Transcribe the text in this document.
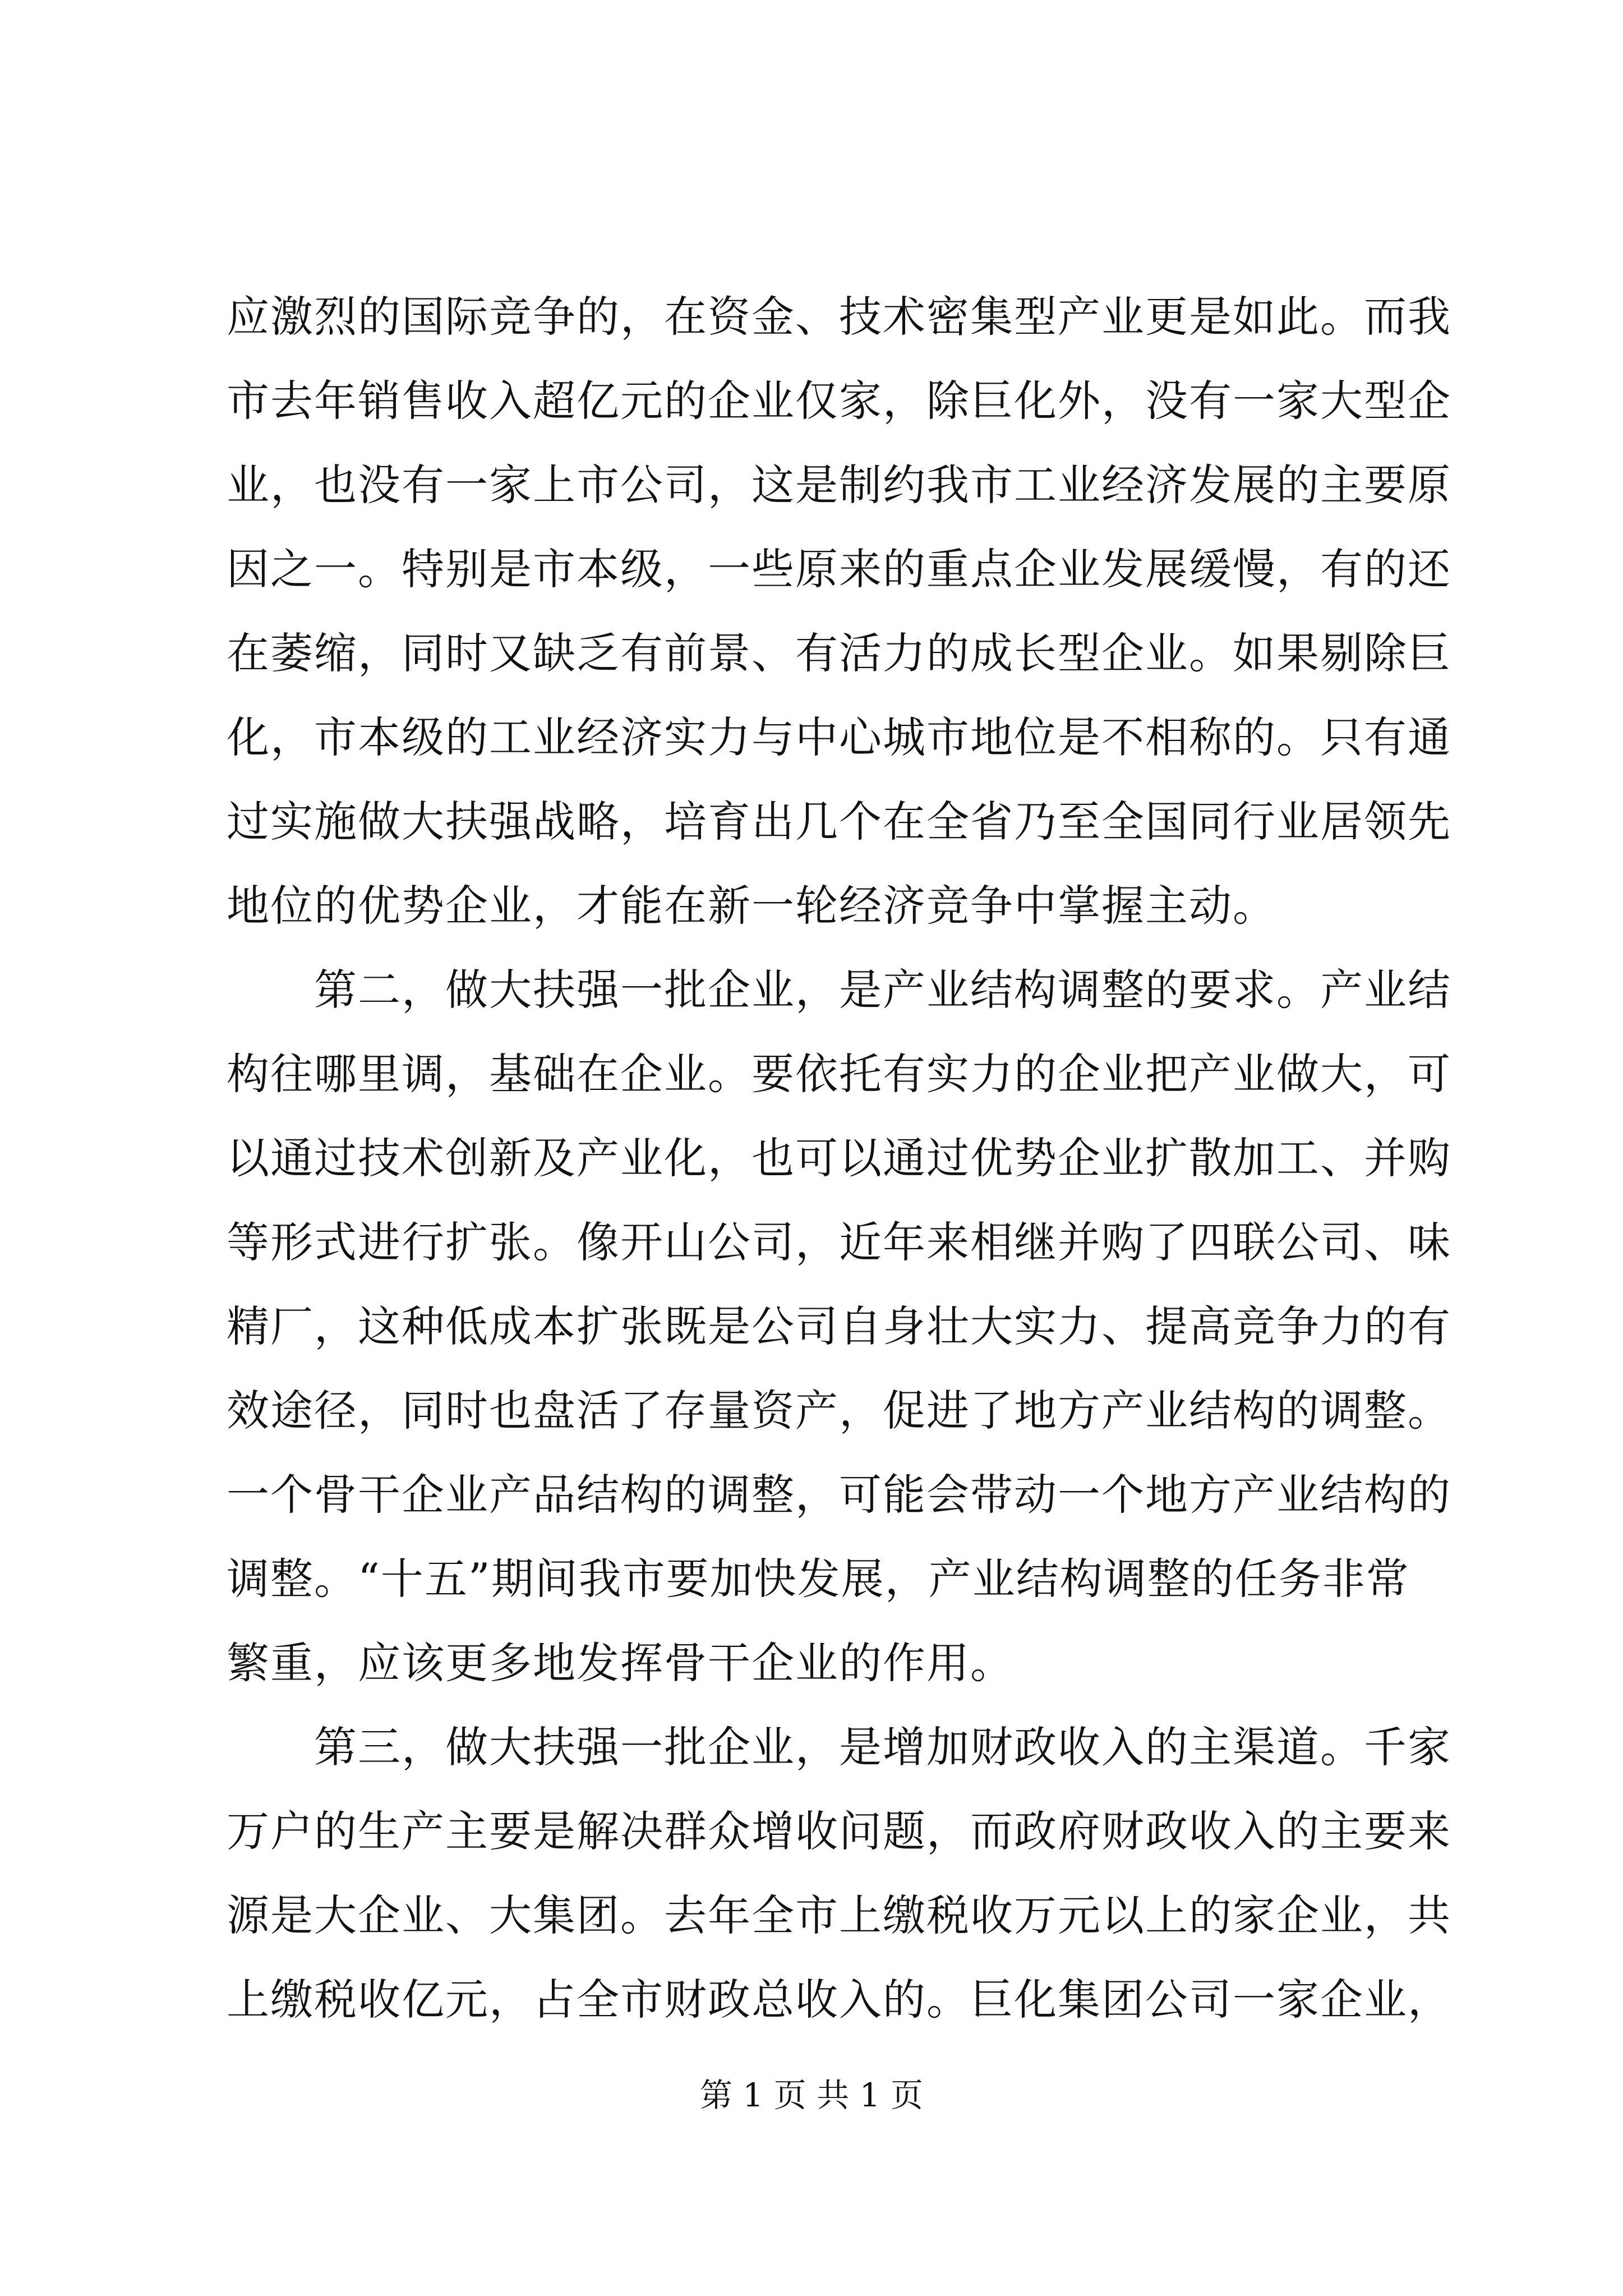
应激烈的国际竞争的，在资金、技术密集型产业更是如此。而我
市去年销售收入超亿元的企业仅家，除巨化外，没有一家大型企
业，也没有一家上市公司，这是制约我市工业经济发展的主要原
因之一。特别是市本级，一些原来的重点企业发展缓慢，有的还
在萎缩，同时又缺乏有前景、有活力的成长型企业。如果剔除巨
化，市本级的工业经济实力与中心城市地位是不相称的。只有通
过实施做大扶强战略，培育出几个在全省乃至全国同行业居领先
地位的优势企业，才能在新一轮经济竞争中掌握主动。
　　第二，做大扶强一批企业，是产业结构调整的要求。产业结
构往哪里调，基础在企业。要依托有实力的企业把产业做大，可
以通过技术创新及产业化，也可以通过优势企业扩散加工、并购
等形式进行扩张。像开山公司，近年来相继并购了四联公司、味
精厂，这种低成本扩张既是公司自身壮大实力、提高竞争力的有
效途径，同时也盘活了存量资产，促进了地方产业结构的调整。
一个骨干企业产品结构的调整，可能会带动一个地方产业结构的
调整。“十五”期间我市要加快发展，产业结构调整的任务非常
繁重，应该更多地发挥骨干企业的作用。
　　第三，做大扶强一批企业，是增加财政收入的主渠道。千家
万户的生产主要是解决群众增收问题，而政府财政收入的主要来
源是大企业、大集团。去年全市上缴税收万元以上的家企业，共
上缴税收亿元，占全市财政总收入的。巨化集团公司一家企业，
第 1 页 共 1 页
